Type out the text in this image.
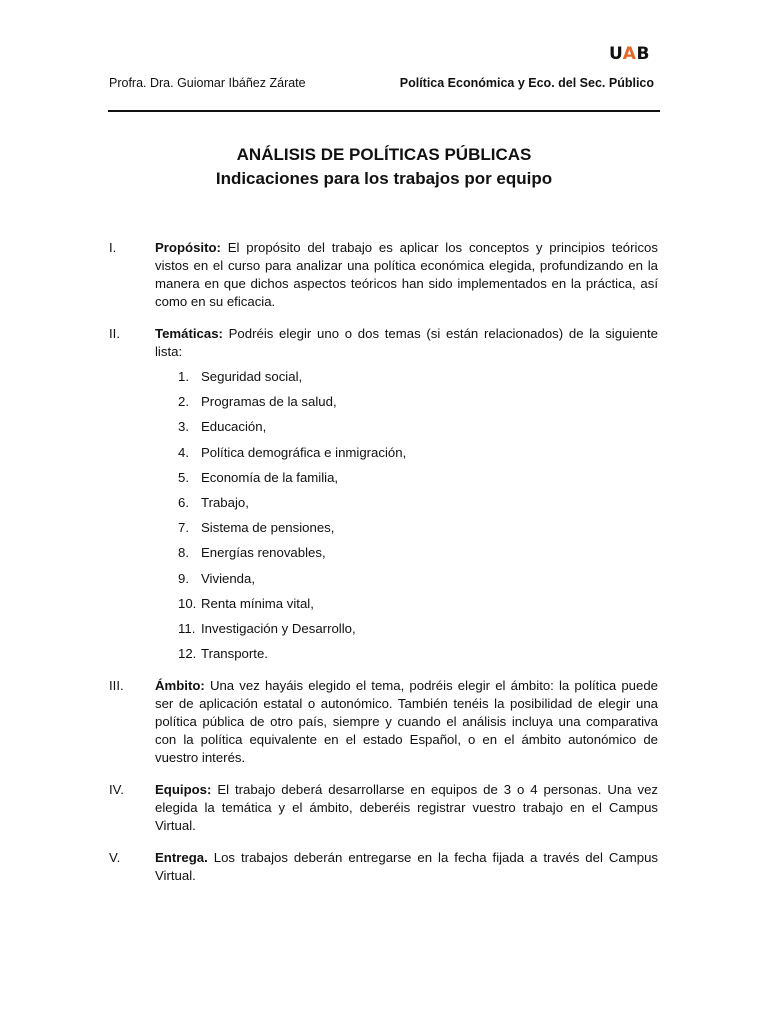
UAB
Profra. Dra. Guiomar Ibáñez Zárate	Política Económica y Eco. del Sec. Público
ANÁLISIS DE POLÍTICAS PÚBLICAS
Indicaciones para los trabajos por equipo
I.	Propósito: El propósito del trabajo es aplicar los conceptos y principios teóricos vistos en el curso para analizar una política económica elegida, profundizando en la manera en que dichos aspectos teóricos han sido implementados en la práctica, así como en su eficacia.
II.	Temáticas: Podréis elegir uno o dos temas (si están relacionados) de la siguiente lista:
1. Seguridad social,
2. Programas de la salud,
3. Educación,
4. Política demográfica e inmigración,
5. Economía de la familia,
6. Trabajo,
7. Sistema de pensiones,
8. Energías renovables,
9. Vivienda,
10. Renta mínima vital,
11. Investigación y Desarrollo,
12. Transporte.
III. Ámbito: Una vez hayáis elegido el tema, podréis elegir el ámbito: la política puede ser de aplicación estatal o autonómico. También tenéis la posibilidad de elegir una política pública de otro país, siempre y cuando el análisis incluya una comparativa con la política equivalente en el estado Español, o en el ámbito autonómico de vuestro interés.
IV. Equipos: El trabajo deberá desarrollarse en equipos de 3 o 4 personas. Una vez elegida la temática y el ámbito, deberéis registrar vuestro trabajo en el Campus Virtual.
V.	Entrega. Los trabajos deberán entregarse en la fecha fijada a través del Campus Virtual.
